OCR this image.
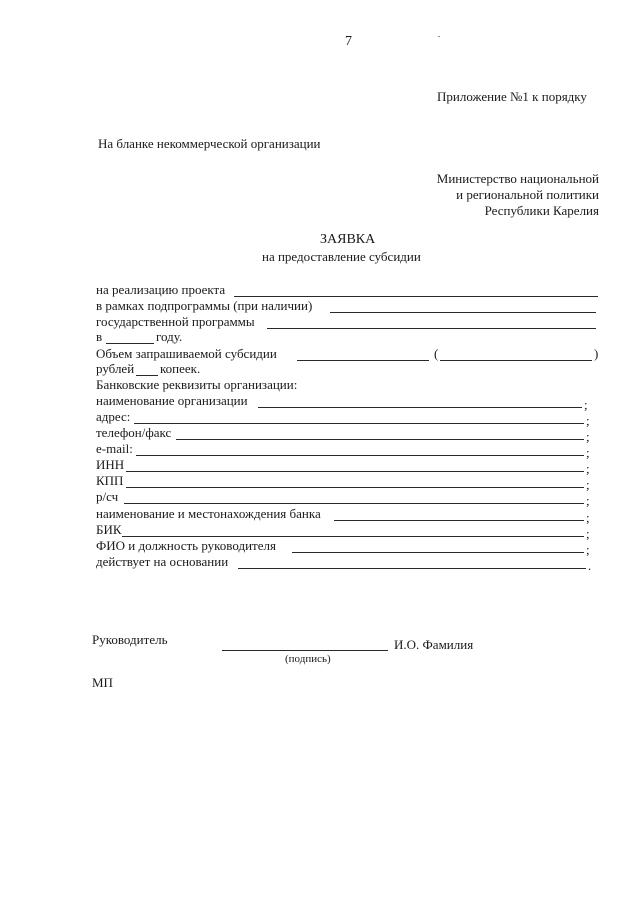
7
Приложение №1 к порядку
На бланке некоммерческой организации
Министерство национальной
и региональной политики
Республики Карелия
ЗАЯВКА
на предоставление субсидии
на реализацию проекта
в рамках подпрограммы (при наличии)
государственной программы
в	году.
Объем запрашиваемой субсидии	(	)
рублей копеек.
Банковские реквизиты организации:
наименование организации	;
адрес:	;
телефон/факс	;
e-mail:	;
ИНН	;
КПП	;
р/сч	;
наименование и местонахождения банка	;
БИК	;
ФИО и должность руководителя	;
действует на основании	.
Руководитель	И.О. Фамилия
(подпись)
МП
